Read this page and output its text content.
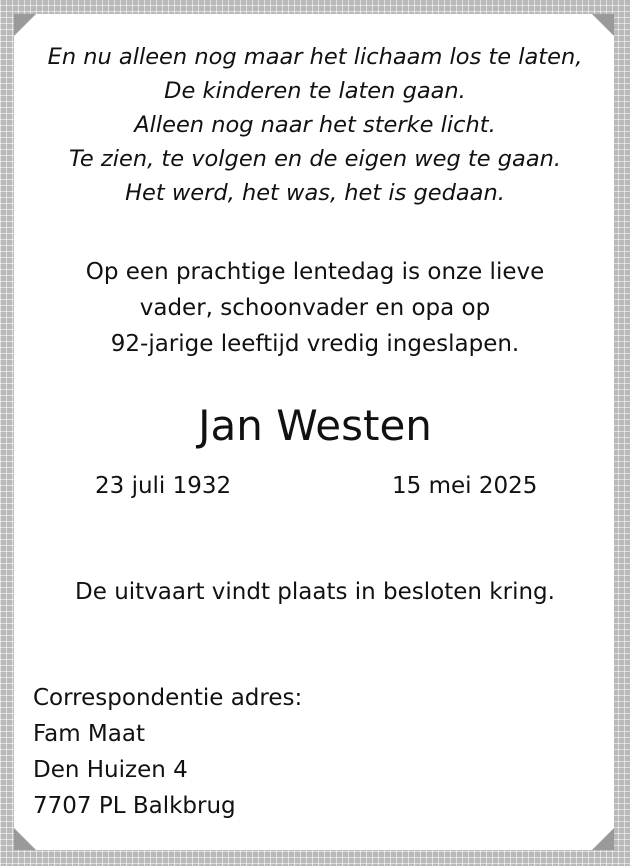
En nu alleen nog maar het lichaam los te laten,
De kinderen te laten gaan.
Alleen nog naar het sterke licht.
Te zien, te volgen en de eigen weg te gaan.
Het werd, het was, het is gedaan.
Op een prachtige lentedag is onze lieve
vader, schoonvader en opa op
92-jarige leeftijd vredig ingeslapen.
Jan Westen
23 juli 1932	15 mei 2025
De uitvaart vindt plaats in besloten kring.
Correspondentie adres:
Fam Maat
Den Huizen 4
7707 PL Balkbrug
